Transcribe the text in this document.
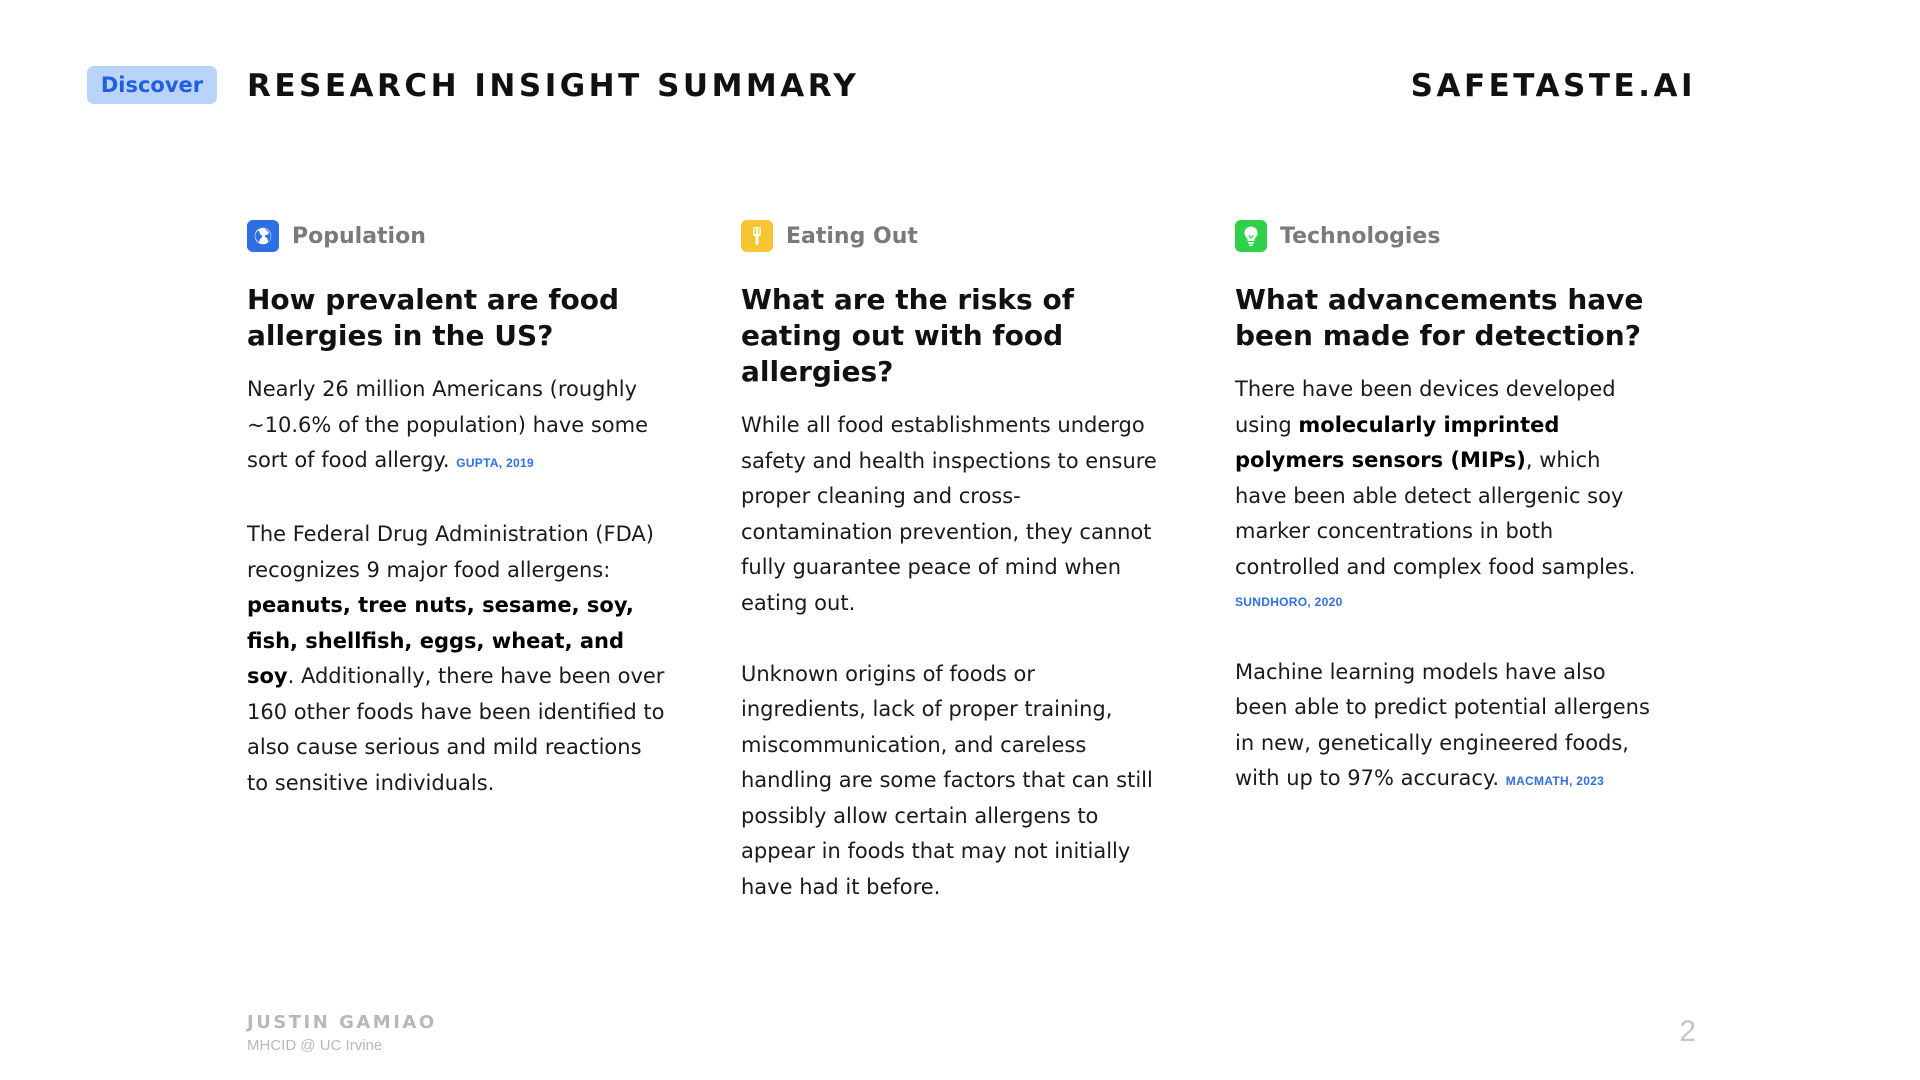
Discover	RESEARCH INSIGHT SUMMARY	SAFETASTE.AI
Population
How prevalent are food allergies in the US?

Nearly 26 million Americans (roughly ~10.6% of the population) have some sort of food allergy. GUPTA, 2019

The Federal Drug Administration (FDA) recognizes 9 major food allergens: peanuts, tree nuts, sesame, soy, fish, shellfish, eggs, wheat, and soy. Additionally, there have been over 160 other foods have been identified to also cause serious and mild reactions to sensitive individuals.

Eating Out
What are the risks of eating out with food allergies?

While all food establishments undergo safety and health inspections to ensure proper cleaning and cross-contamination prevention, they cannot fully guarantee peace of mind when eating out.

Unknown origins of foods or ingredients, lack of proper training, miscommunication, and careless handling are some factors that can still possibly allow certain allergens to appear in foods that may not initially have had it before.

Technologies
What advancements have been made for detection?

There have been devices developed using molecularly imprinted polymers sensors (MIPs), which have been able detect allergenic soy marker concentrations in both controlled and complex food samples.
SUNDHORO, 2020

Machine learning models have also been able to predict potential allergens in new, genetically engineered foods, with up to 97% accuracy. MACMATH, 2023

JUSTIN GAMIAO
MHCID @ UC Irvine	2
